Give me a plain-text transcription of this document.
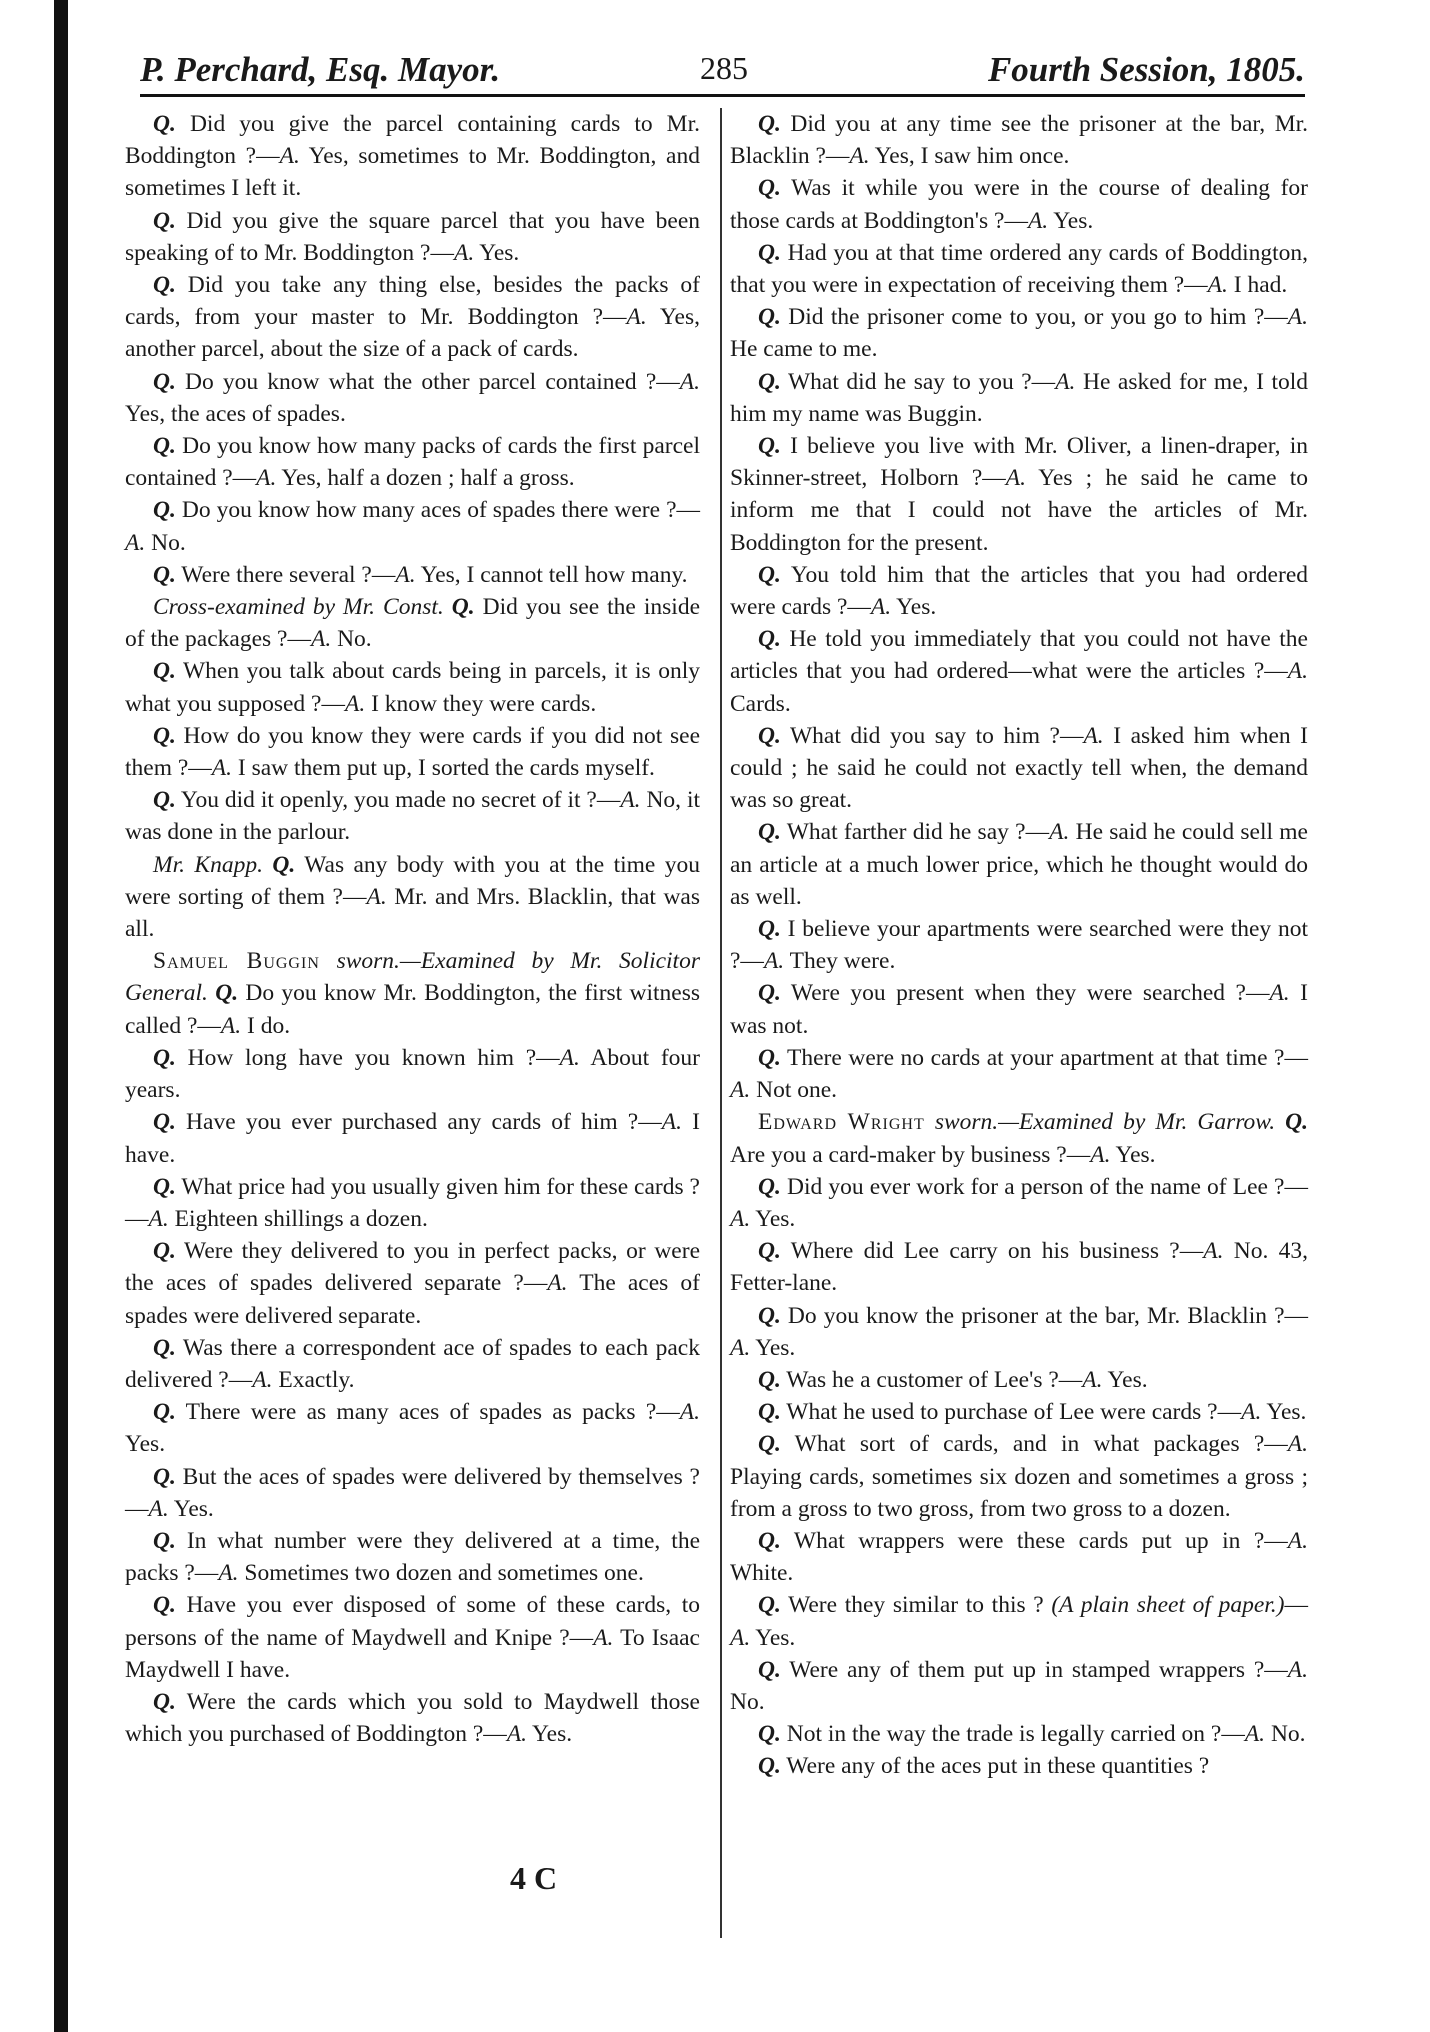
P. Perchard, Esq. Mayor.	285	Fourth Session, 1805.

Q. Did you give the parcel containing cards to Mr. Boddington ?—A. Yes, sometimes to Mr. Boddington, and sometimes I left it.

Q. Did you give the square parcel that you have been speaking of to Mr. Boddington ?—A. Yes.

Q. Did you take any thing else, besides the packs of cards, from your master to Mr. Boddington ?—A. Yes, another parcel, about the size of a pack of cards.

Q. Do you know what the other parcel contained ?—A. Yes, the aces of spades.

Q. Do you know how many packs of cards the first parcel contained ?—A. Yes, half a dozen ; half a gross.

Q. Do you know how many aces of spades there were ?—A. No.

Q. Were there several ?—A. Yes, I cannot tell how many.

Cross-examined by Mr. Const. Q. Did you see the inside of the packages ?—A. No.

Q. When you talk about cards being in parcels, it is only what you supposed ?—A. I know they were cards.

Q. How do you know they were cards if you did not see them ?—A. I saw them put up, I sorted the cards myself.

Q. You did it openly, you made no secret of it ?—A. No, it was done in the parlour.

Mr. Knapp. Q. Was any body with you at the time you were sorting of them ?—A. Mr. and Mrs. Blacklin, that was all.

Samuel Buggin sworn.—Examined by Mr. Solicitor General. Q. Do you know Mr. Boddington, the first witness called ?—A. I do.

Q. How long have you known him ?—A. About four years.

Q. Have you ever purchased any cards of him ?—A. I have.

Q. What price had you usually given him for these cards ?—A. Eighteen shillings a dozen.

Q. Were they delivered to you in perfect packs, or were the aces of spades delivered separate ?—A. The aces of spades were delivered separate.

Q. Was there a correspondent ace of spades to each pack delivered ?—A. Exactly.

Q. There were as many aces of spades as packs ?—A. Yes.

Q. But the aces of spades were delivered by themselves ?—A. Yes.

Q. In what number were they delivered at a time, the packs ?—A. Sometimes two dozen and sometimes one.

Q. Have you ever disposed of some of these cards, to persons of the name of Maydwell and Knipe ?—A. To Isaac Maydwell I have.

Q. Were the cards which you sold to Maydwell those which you purchased of Boddington ?—A. Yes.

Q. Did you at any time see the prisoner at the bar, Mr. Blacklin ?—A. Yes, I saw him once.

Q. Was it while you were in the course of dealing for those cards at Boddington's ?—A. Yes.

Q. Had you at that time ordered any cards of Boddington, that you were in expectation of receiving them ?—A. I had.

Q. Did the prisoner come to you, or you go to him ?—A. He came to me.

Q. What did he say to you ?—A. He asked for me, I told him my name was Buggin.

Q. I believe you live with Mr. Oliver, a linen-draper, in Skinner-street, Holborn ?—A. Yes ; he said he came to inform me that I could not have the articles of Mr. Boddington for the present.

Q. You told him that the articles that you had ordered were cards ?—A. Yes.

Q. He told you immediately that you could not have the articles that you had ordered—what were the articles ?—A. Cards.

Q. What did you say to him ?—A. I asked him when I could ; he said he could not exactly tell when, the demand was so great.

Q. What farther did he say ?—A. He said he could sell me an article at a much lower price, which he thought would do as well.

Q. I believe your apartments were searched were they not ?—A. They were.

Q. Were you present when they were searched ?—A. I was not.

Q. There were no cards at your apartment at that time ?—A. Not one.

Edward Wright sworn.—Examined by Mr. Garrow. Q. Are you a card-maker by business ?—A. Yes.

Q. Did you ever work for a person of the name of Lee ?—A. Yes.

Q. Where did Lee carry on his business ?—A. No. 43, Fetter-lane.

Q. Do you know the prisoner at the bar, Mr. Blacklin ?—A. Yes.

Q. Was he a customer of Lee's ?—A. Yes.

Q. What he used to purchase of Lee were cards ?—A. Yes.

Q. What sort of cards, and in what packages ?—A. Playing cards, sometimes six dozen and sometimes a gross ; from a gross to two gross, from two gross to a dozen.

Q. What wrappers were these cards put up in ?—A. White.

Q. Were they similar to this ? (A plain sheet of paper.)—A. Yes.

Q. Were any of them put up in stamped wrappers ?—A. No.

Q. Not in the way the trade is legally carried on ?—A. No.

Q. Were any of the aces put in these quantities ?

4 C
